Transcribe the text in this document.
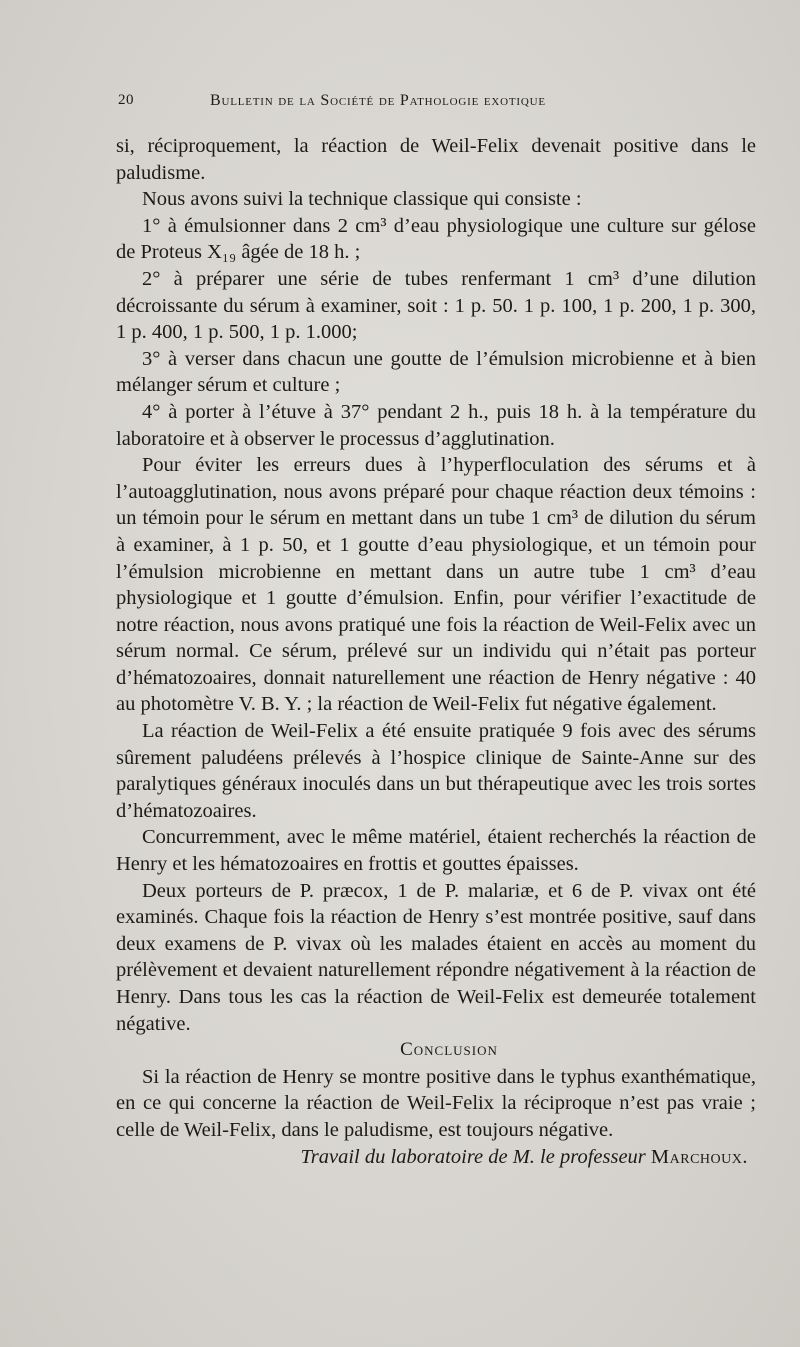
20	Bulletin de la Société de Pathologie exotique

si, réciproquement, la réaction de Weil-Felix devenait positive dans le paludisme.

Nous avons suivi la technique classique qui consiste :

1° à émulsionner dans 2 cm³ d’eau physiologique une culture sur gélose de Proteus X₁₉ âgée de 18 h. ;

2° à préparer une série de tubes renfermant 1 cm³ d’une dilution décroissante du sérum à examiner, soit : 1 p. 50. 1 p. 100, 1 p. 200, 1 p. 300, 1 p. 400, 1 p. 500, 1 p. 1.000;

3° à verser dans chacun une goutte de l’émulsion microbienne et à bien mélanger sérum et culture ;

4° à porter à l’étuve à 37° pendant 2 h., puis 18 h. à la température du laboratoire et à observer le processus d’agglutination.

Pour éviter les erreurs dues à l’hyperfloculation des sérums et à l’autoagglutination, nous avons préparé pour chaque réaction deux témoins : un témoin pour le sérum en mettant dans un tube 1 cm³ de dilution du sérum à examiner, à 1 p. 50, et 1 goutte d’eau physiologique, et un témoin pour l’émulsion microbienne en mettant dans un autre tube 1 cm³ d’eau physiologique et 1 goutte d’émulsion. Enfin, pour vérifier l’exactitude de notre réaction, nous avons pratiqué une fois la réaction de Weil-Felix avec un sérum normal. Ce sérum, prélevé sur un individu qui n’était pas porteur d’hématozoaires, donnait naturellement une réaction de Henry négative : 40 au photomètre V. B. Y. ; la réaction de Weil-Felix fut négative également.

La réaction de Weil-Felix a été ensuite pratiquée 9 fois avec des sérums sûrement paludéens prélevés à l’hospice clinique de Sainte-Anne sur des paralytiques généraux inoculés dans un but thérapeutique avec les trois sortes d’hématozoaires.

Concurremment, avec le même matériel, étaient recherchés la réaction de Henry et les hématozoaires en frottis et gouttes épaisses.

Deux porteurs de P. præcox, 1 de P. malariæ, et 6 de P. vivax ont été examinés. Chaque fois la réaction de Henry s’est montrée positive, sauf dans deux examens de P. vivax où les malades étaient en accès au moment du prélèvement et devaient naturellement répondre négativement à la réaction de Henry. Dans tous les cas la réaction de Weil-Felix est demeurée totalement négative.

Conclusion

Si la réaction de Henry se montre positive dans le typhus exanthématique, en ce qui concerne la réaction de Weil-Felix la réciproque n’est pas vraie ; celle de Weil-Felix, dans le paludisme, est toujours négative.

Travail du laboratoire de M. le professeur Marchoux.
